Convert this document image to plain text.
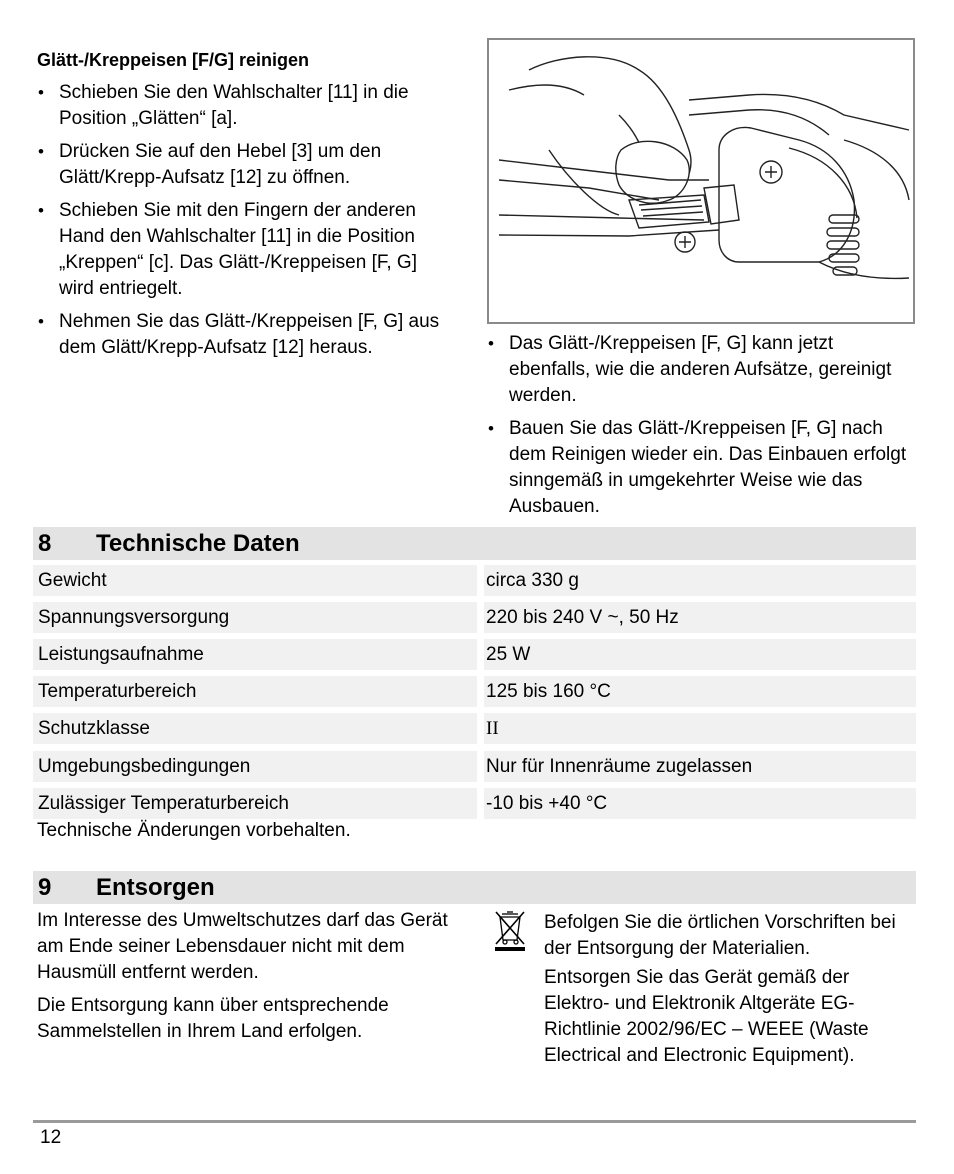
Glätt-/Kreppeisen [F/G] reinigen
• Schieben Sie den Wahlschalter [11] in die Position „Glätten“ [a].
• Drücken Sie auf den Hebel [3] um den Glätt/Krepp-Aufsatz [12] zu öffnen.
• Schieben Sie mit den Fingern der anderen Hand den Wahlschalter [11] in die Position „Kreppen“ [c]. Das Glätt-/Kreppeisen [F, G] wird entriegelt.
• Nehmen Sie das Glätt-/Kreppeisen [F, G] aus dem Glätt/Krepp-Aufsatz [12] heraus.
•	Das Glätt-/Kreppeisen [F, G] kann jetzt ebenfalls, wie die anderen Aufsätze, gereinigt werden.
• Bauen Sie das Glätt-/Kreppeisen [F, G] nach dem Reinigen wieder ein. Das Einbauen erfolgt sinngemäß in umgekehrter Weise wie das Ausbauen.
8 Technische Daten
Gewicht	circa 330 g
Spannungsversorgung	220 bis 240 V ~, 50 Hz
Leistungsaufnahme	25 W
Temperaturbereich	125 bis 160 °C
Schutzklasse	II
Umgebungsbedingungen	Nur für Innenräume zugelassen
Zulässiger Temperaturbereich	-10 bis +40 °C
Technische Änderungen vorbehalten.
9 Entsorgen

Im Interesse des Umweltschutzes darf das Gerät am Ende seiner Lebensdauer nicht mit dem Hausmüll entfernt werden.

Die Entsorgung kann über entsprechende Sammelstellen in Ihrem Land erfolgen.

Befolgen Sie die örtlichen Vorschriften bei der Entsorgung der Materialien.

Entsorgen Sie das Gerät gemäß der Elektro- und Elektronik Altgeräte EG-Richtlinie 2002/96/EC – WEEE (Waste Electrical and Electronic Equipment).

12
